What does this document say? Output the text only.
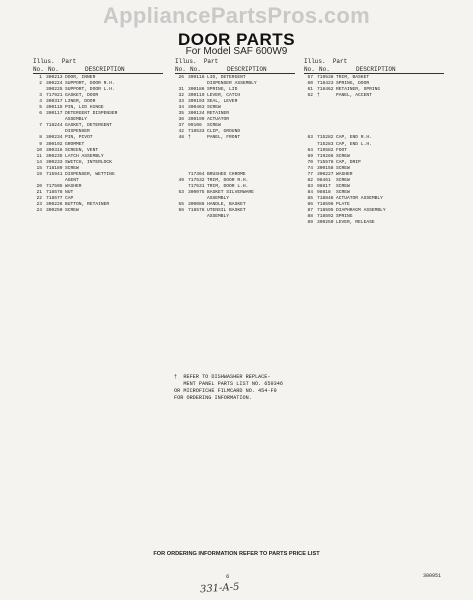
AppliancePartsPros.com
DOOR PARTS
For Model SAF 600W9
Illus. Part
No. No.	DESCRIPTION
1 300213 DOOR, INNER
2 300224 SUPPORT, DOOR R.H.
300225 SUPPORT, DOOR L.H.
3 717921 GASKET, DOOR
4 300317 LINER, DOOR
5 300115 PIN, LID HINGE
6 300117 DETERGENT DISPENSER
ASSEMBLY
7 718244 GASKET, DETERGENT
DISPENSER
8 300234 PIN, PIVOT
9 300192 GROMMET
10 300316 SCREEN, VENT
11 300235 LATCH ASSEMBLY
14 300233 SWITCH, INTERLOCK
15 718189 SCREW
19 715941 DISPENSER, WETTING
AGENT
20 717505 WASHER
21 718578 NUT
22 718577 CAP
23 300226 BUTTON, RETAINER
24 300250 SCREW
Illus. Part
No. No.	DESCRIPTION
26 300118 LID, DETERGENT
DISPENSER ASSEMBLY
31 300186 SPRING, LID
32 300119 LEVER, CATCH
33 300193 SEAL, LEVER
34 300463 SCREW
35 300134 RETAINER
36 300199 ACTUATOR
37 99106 SCREW
42 718533 CLIP, GROUND
48 †	PANEL, FRONT
717364 BRUSHED CHROME
49 717532 TRIM, DOOR R.H.
717531 TRIM, DOOR L.H.
53 300075 BASKET SILVERWARE
ASSEMBLY
55 300086 HANDLE, BASKET
56 718578 UTENSIL BASKET
ASSEMBLY
Illus. Part
No. No.	DESCRIPTION
57 719538 TRIM, BASKET
60 718423 SPRING, DOOR
61 718462 RETAINER, SPRING
62 †	PANEL, ACCENT
63 715282 CAP, END R.H.
715283 CAP, END L.H.
64 719582 FOOT
69 719266 SCREW
70 715576 CAP, DRIP
74 300158 SCREW
77 300227 WASHER
82 98461 SCREW
83 98817 SCREW
84 98818 SCREW
85 718846 ACTUATOR ASSEMBLY
86 718596 PLATE
87 718595 DIAPHRAGM ASSEMBLY
88 718592 SPRING
89 300250 LEVER, RELEASE
†  REFER TO DISHWASHER REPLACE-
MENT PANEL PARTS LIST NO. 659346
OR MICROFICHE FILMCARD NO. 454-F9
FOR ORDERING INFORMATION.
FOR ORDERING INFORMATION REFER TO PARTS PRICE LIST
6	300951
331-A-5
